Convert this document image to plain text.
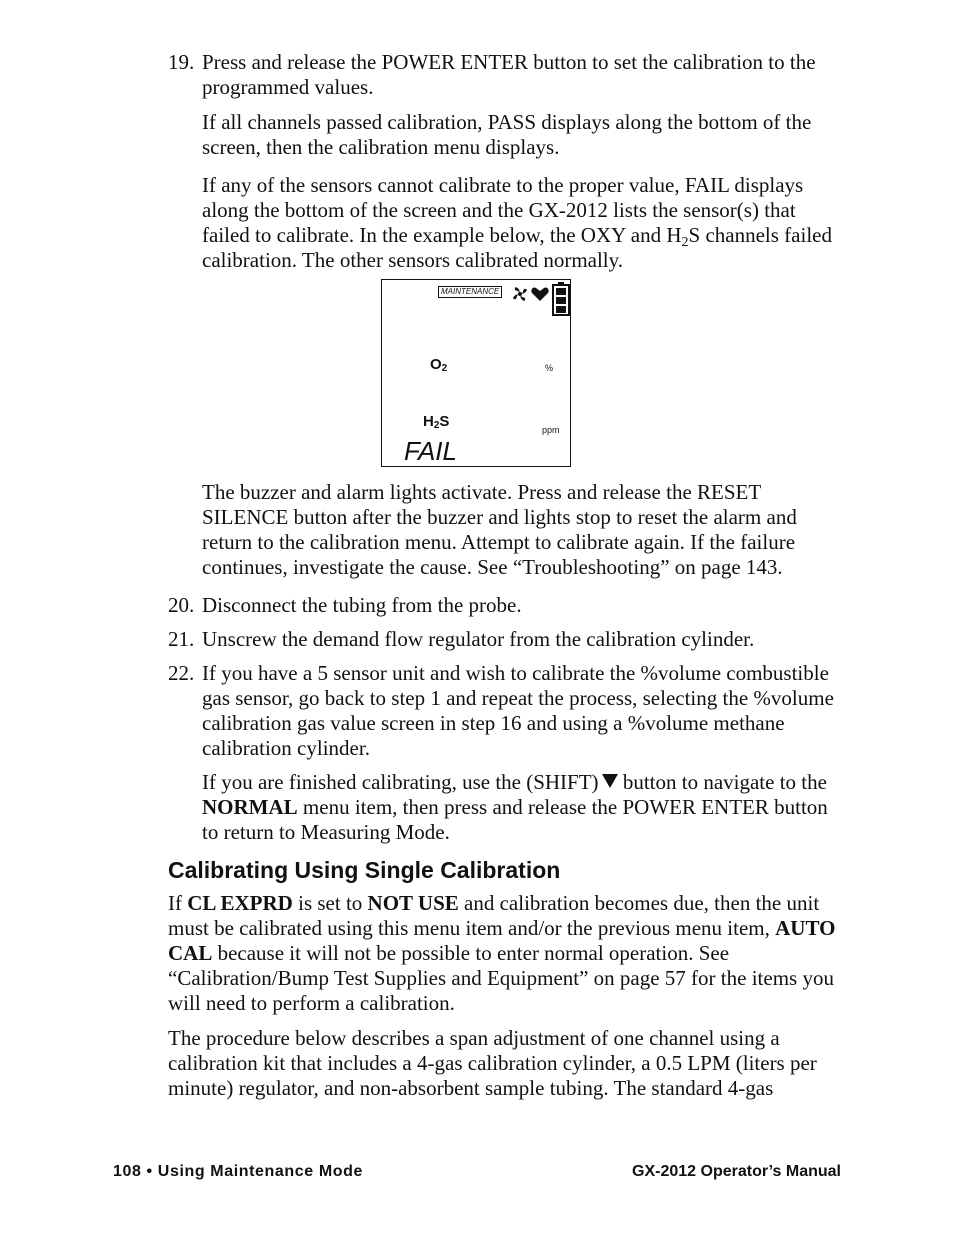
19. Press and release the POWER ENTER button to set the calibration to the programmed values.
If all channels passed calibration, PASS displays along the bottom of the screen, then the calibration menu displays.
If any of the sensors cannot calibrate to the proper value, FAIL displays along the bottom of the screen and the GX-2012 lists the sensor(s) that failed to calibrate. In the example below, the OXY and $H_2S$ channels failed calibration. The other sensors calibrated normally.
MAINTENANCE
$O_2$	%
$H_2S$	ppm
FAIL
The buzzer and alarm lights activate. Press and release the RESET SILENCE button after the buzzer and lights stop to reset the alarm and return to the calibration menu. Attempt to calibrate again. If the failure continues, investigate the cause. See “Troubleshooting” on page 143.
20. Disconnect the tubing from the probe.
21. Unscrew the demand flow regulator from the calibration cylinder.
22. If you have a 5 sensor unit and wish to calibrate the %volume combustible gas sensor, go back to step 1 and repeat the process, selecting the %volume calibration gas value screen in step 16 and using a %volume methane calibration cylinder.
If you are finished calibrating, use the (SHIFT) button to navigate to the NORMAL menu item, then press and release the POWER ENTER button to return to Measuring Mode.
Calibrating Using Single Calibration
If CL EXPRD is set to NOT USE and calibration becomes due, then the unit must be calibrated using this menu item and/or the previous menu item, AUTO CAL because it will not be possible to enter normal operation. See “Calibration/Bump Test Supplies and Equipment” on page 57 for the items you will need to perform a calibration.
The procedure below describes a span adjustment of one channel using a calibration kit that includes a 4-gas calibration cylinder, a 0.5 LPM (liters per minute) regulator, and non-absorbent sample tubing. The standard 4-gas
108 • Using Maintenance Mode	GX-2012 Operator’s Manual
